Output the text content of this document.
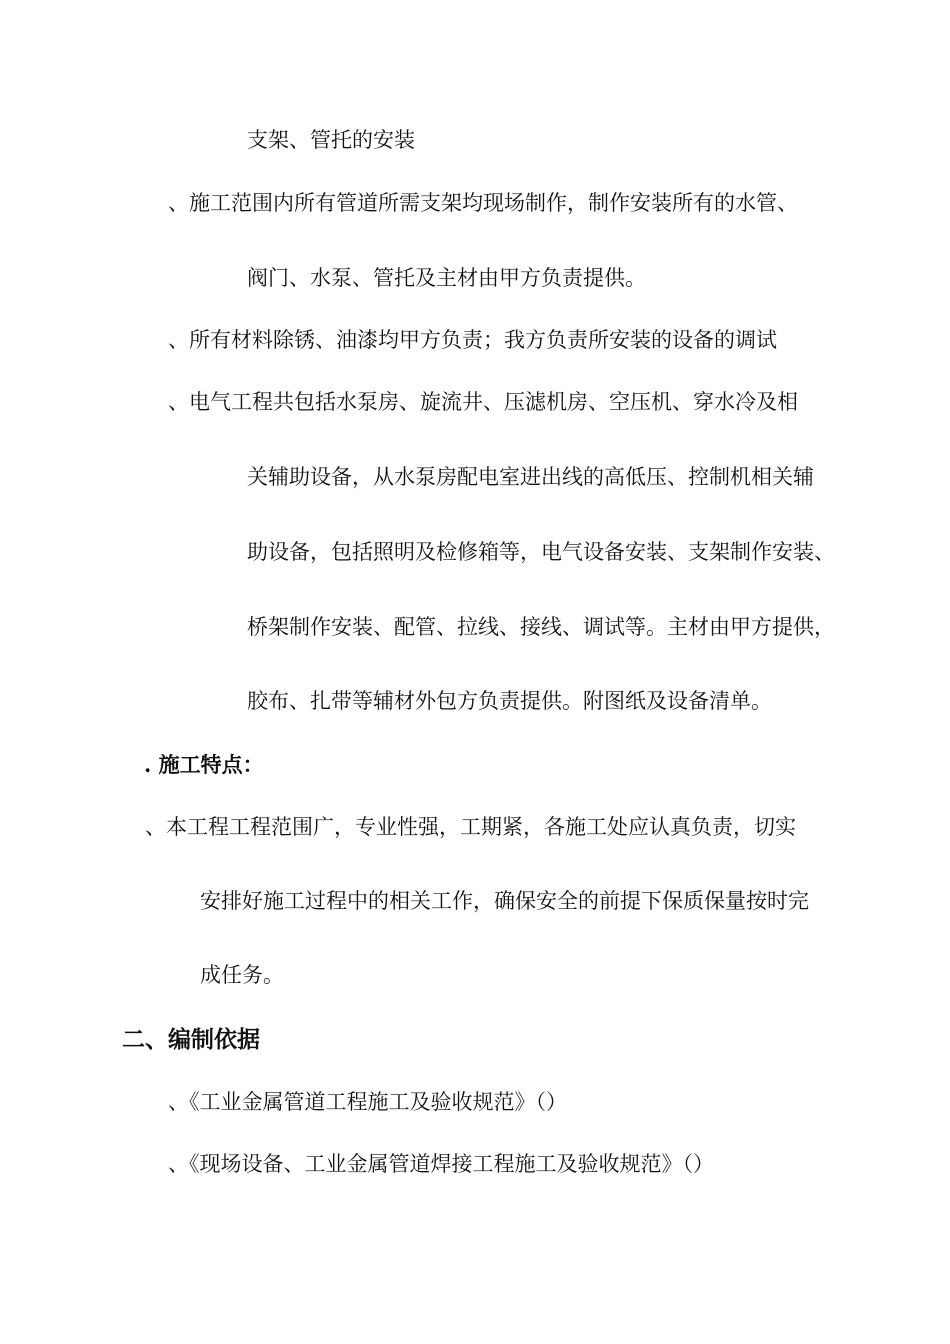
支架、管托的安装
、施工范围内所有管道所需支架均现场制作，制作安装所有的水管、
阀门、水泵、管托及主材由甲方负责提供。
、所有材料除锈、油漆均甲方负责；我方负责所安装的设备的调试
、电气工程共包括水泵房、旋流井、压滤机房、空压机、穿水冷及相
关辅助设备，从水泵房配电室进出线的高低压、控制机相关辅
助设备，包括照明及检修箱等，电气设备安装、支架制作安装、
桥架制作安装、配管、拉线、接线、调试等。主材由甲方提供，
胶布、扎带等辅材外包方负责提供。附图纸及设备清单。
. 施工特点：
、本工程工程范围广，专业性强，工期紧，各施工处应认真负责，切实
安排好施工过程中的相关工作，确保安全的前提下保质保量按时完
成任务。
二、编制依据
、《工业金属管道工程施工及验收规范》（）
、《现场设备、工业金属管道焊接工程施工及验收规范》（）
